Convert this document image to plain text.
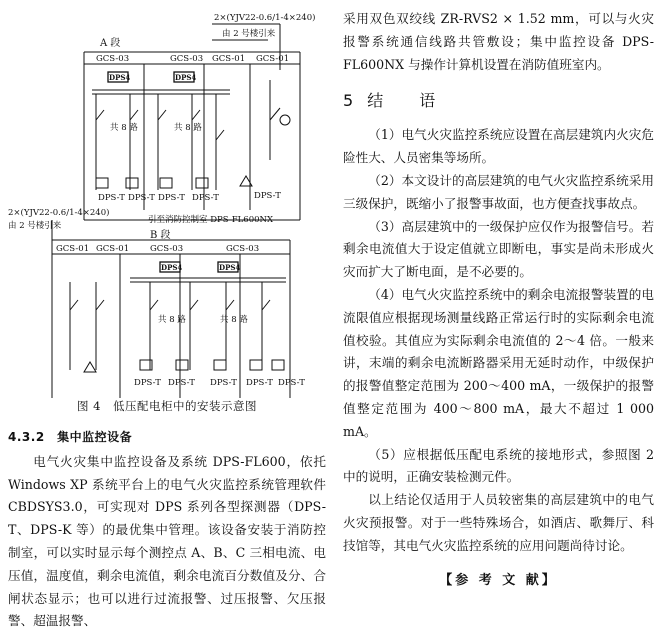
2×(YJV22-0.6/1-4×240)
由 2 号楼引来
A 段
GCS-03	GCS-03 GCS-01 GCS-01
DPS4	DPS4
共 8 路	共 8 路
DPS-T DPS-T DPS-T DPS-T	DPS-T
2×(YJV22-0.6/1-4×240)
由 2 号楼引来
引至消防控制室 DPS-FL600NX
B 段
GCS-01 GCS-01 GCS-03	GCS-03
DPS4	DPS4
共 8 路	共 8 路
DPS-T DPS-T DPS-T DPS-T DPS-T
图 4　低压配电柜中的安装示意图
4.3.2　集中监控设备

电气火灾集中监控设备及系统 DPS-FL600，依托 Windows XP 系统平台上的电气火灾监控系统管理软件 CBDSYS3.0，可实现对 DPS 系列各型探测器（DPS-T、DPS-K 等）的最优集中管理。该设备安装于消防控制室，可以实时显示每个测控点 A、B、C 三相电流、电压值，温度值，剩余电流值，剩余电流百分数值及分、合闸状态显示；也可以进行过流报警、过压报警、欠压报警、超温报警、

采用双色双绞线 ZR-RVS2 × 1.52 mm，可以与火灾报警系统通信线路共管敷设；集中监控设备 DPS-FL600NX 与操作计算机设置在消防值班室内。

5结　语

（1）电气火灾监控系统应设置在高层建筑内火灾危险性大、人员密集等场所。

（2）本文设计的高层建筑的电气火灾监控系统采用三级保护，既缩小了报警事故面，也方便查找事故点。

（3）高层建筑中的一级保护应仅作为报警信号。若剩余电流值大于设定值就立即断电，事实是尚未形成火灾而扩大了断电面，是不必要的。

（4）电气火灾监控系统中的剩余电流报警装置的电流限值应根据现场测量线路正常运行时的实际剩余电流值校验。其值应为实际剩余电流值的 2～4 倍。一般来讲，末端的剩余电流断路器采用无延时动作，中级保护的报警值整定范围为 200～400 mA，一级保护的报警值整定范围为 400～800 mA，最大不超过 1 000 mA。

（5）应根据低压配电系统的接地形式，参照图 2 中的说明，正确安装检测元件。

以上结论仅适用于人员较密集的高层建筑中的电气火灾预报警。对于一些特殊场合，如酒店、歌舞厅、科技馆等，其电气火灾监控系统的应用问题尚待讨论。

【参 考 文 献】
